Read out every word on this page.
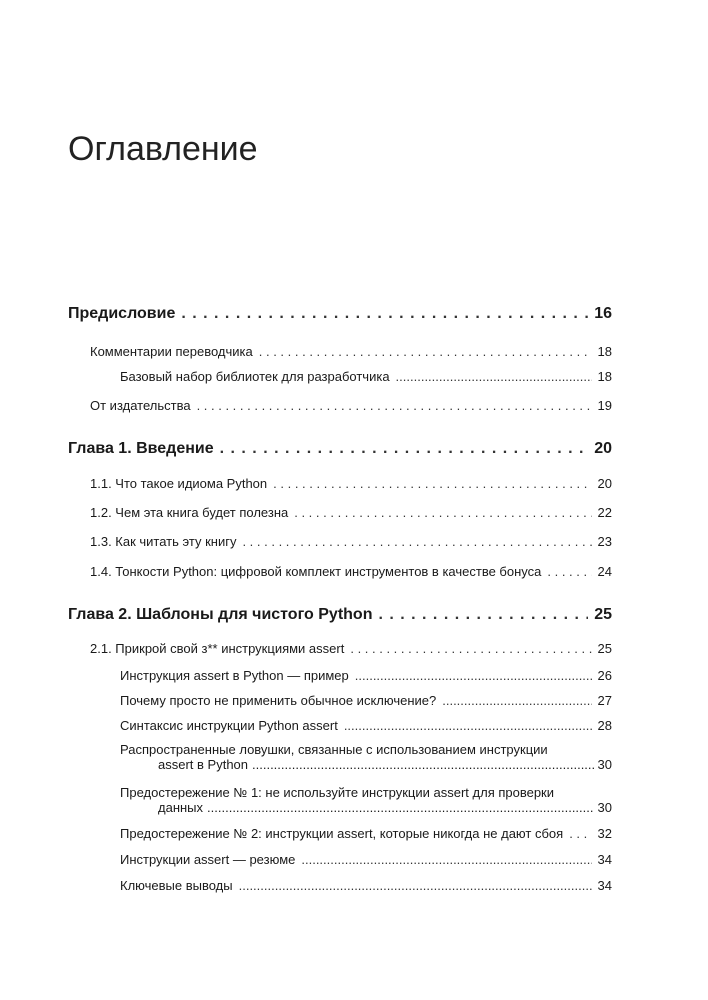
Оглавление
Предисловие . . .	16
Комментарии переводчика . . .	18
Базовый набор библиотек для разработчика .....	18
От издательства . . .	19
Глава 1. Введение . . .	20
1.1. Что такое идиома Python . . .	20
1.2. Чем эта книга будет полезна . . .	22
1.3. Как читать эту книгу . . .	23
1.4. Тонкости Python: цифровой комплект инструментов в качестве бонуса . . .	24
Глава 2. Шаблоны для чистого Python . . .	25
2.1. Прикрой свой з** инструкциями assert . . .	25
Инструкция assert в Python — пример .....	26
Почему просто не применить обычное исключение? .....	27
Синтаксис инструкции Python assert .....	28
Распространенные ловушки, связанные с использованием инструкции
assert в Python .....	30
Предостережение № 1: не используйте инструкции assert для проверки
данных .....	30
Предостережение № 2: инструкции assert, которые никогда не дают сбоя . . .	32
Инструкции assert — резюме .....	34
Ключевые выводы .....	34
